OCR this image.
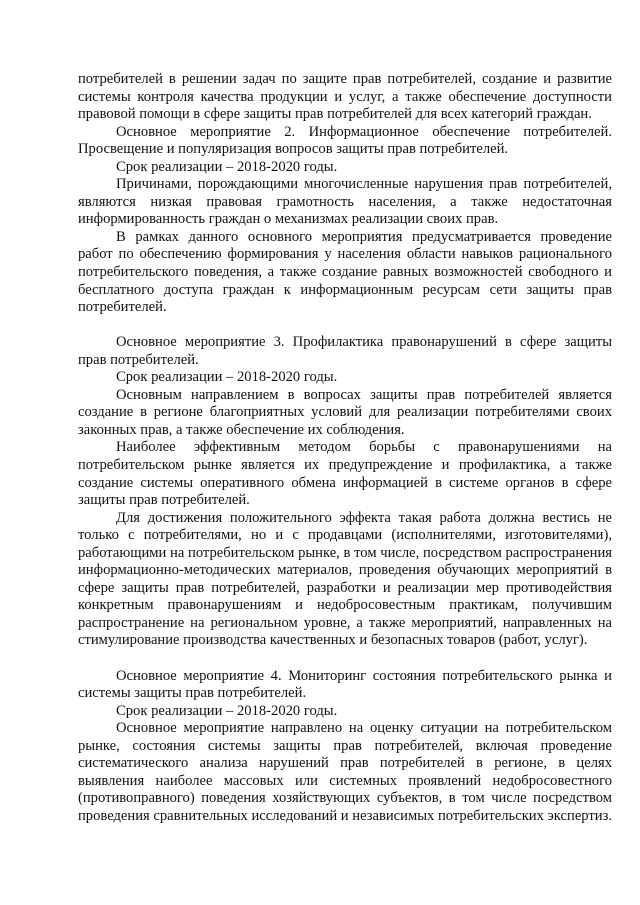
потребителей в решении задач по защите прав потребителей, создание и развитие системы контроля качества продукции и услуг, а также обеспечение доступности правовой помощи в сфере защиты прав потребителей для всех категорий граждан.

Основное мероприятие 2. Информационное обеспечение потребителей. Просвещение и популяризация вопросов защиты прав потребителей.

Срок реализации – 2018-2020 годы.

Причинами, порождающими многочисленные нарушения прав потребителей, являются низкая правовая грамотность населения, а также недостаточная информированность граждан о механизмах реализации своих прав.

В рамках данного основного мероприятия предусматривается проведение работ по обеспечению формирования у населения области навыков рационального потребительского поведения, а также создание равных возможностей свободного и бесплатного доступа граждан к информационным ресурсам сети защиты прав потребителей.

Основное мероприятие 3. Профилактика правонарушений в сфере защиты прав потребителей.

Срок реализации – 2018-2020 годы.

Основным направлением в вопросах защиты прав потребителей является создание в регионе благоприятных условий для реализации потребителями своих законных прав, а также обеспечение их соблюдения.

Наиболее эффективным методом борьбы с правонарушениями на потребительском рынке является их предупреждение и профилактика, а также создание системы оперативного обмена информацией в системе органов в сфере защиты прав потребителей.

Для достижения положительного эффекта такая работа должна вестись не только с потребителями, но и с продавцами (исполнителями, изготовителями), работающими на потребительском рынке, в том числе, посредством распространения информационно-методических материалов, проведения обучающих мероприятий в сфере защиты прав потребителей, разработки и реализации мер противодействия конкретным правонарушениям и недобросовестным практикам, получившим распространение на региональном уровне, а также мероприятий, направленных на стимулирование производства качественных и безопасных товаров (работ, услуг).

Основное мероприятие 4. Мониторинг состояния потребительского рынка и системы защиты прав потребителей.

Срок реализации – 2018-2020 годы.

Основное мероприятие направлено на оценку ситуации на потребительском рынке, состояния системы защиты прав потребителей, включая проведение систематического анализа нарушений прав потребителей в регионе, в целях выявления наиболее массовых или системных проявлений недобросовестного (противоправного) поведения хозяйствующих субъектов, в том числе посредством проведения сравнительных исследований и независимых потребительских экспертиз.
